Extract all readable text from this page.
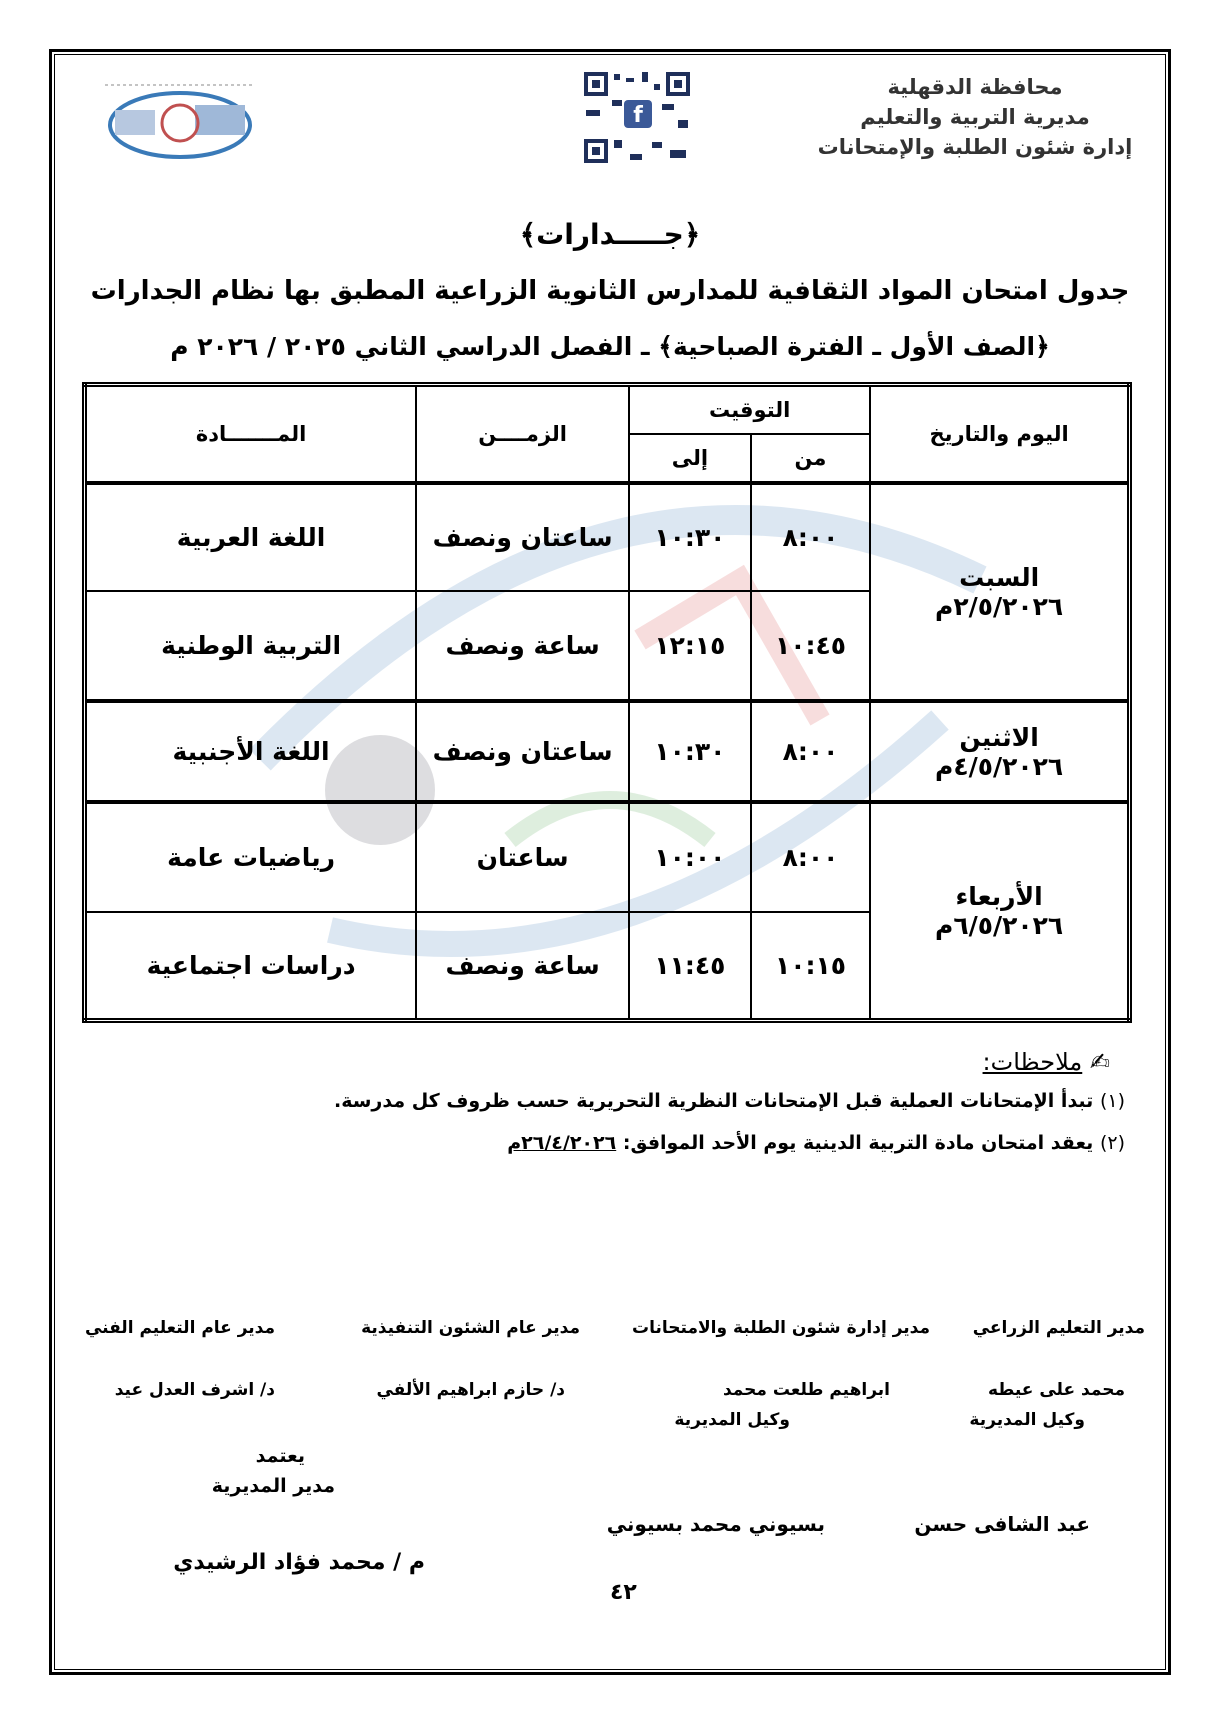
f
محافظة الدقهلية
مديرية التربية والتعليم
إدارة شئون الطلبة والإمتحانات
﴿جـــــدارات﴾
جدول امتحان المواد الثقافية للمدارس الثانوية الزراعية المطبق بها نظام الجدارات
﴿الصف الأول ـ الفترة الصباحية﴾ ـ الفصل الدراسي الثاني ٢٠٢٥ / ٢٠٢٦ م
اليوم والتاريخ	التوقيت		الزمــــن	المـــــــادة
	من	إلى		

السبت
٢/٥/٢٠٢٦م	٨:٠٠	١٠:٣٠	ساعتان ونصف	اللغة العربية
	١٠:٤٥	١٢:١٥	ساعة ونصف	التربية الوطنية

الاثنين
٤/٥/٢٠٢٦م	٨:٠٠	١٠:٣٠	ساعتان ونصف	اللغة الأجنبية

الأربعاء
٦/٥/٢٠٢٦م	٨:٠٠	١٠:٠٠	ساعتان	رياضيات عامة
	١٠:١٥	١١:٤٥	ساعة ونصف	دراسات اجتماعية
✍ ملاحظات:
(١) تبدأ الإمتحانات العملية قبل الإمتحانات النظرية التحريرية حسب ظروف كل مدرسة.
(٢) يعقد امتحان مادة التربية الدينية يوم الأحد الموافق: ٢٦/٤/٢٠٢٦م
مدير التعليم الزراعي
مدير إدارة شئون الطلبة والامتحانات
مدير عام الشئون التنفيذية
مدير عام التعليم الفني
محمد على عيطه
ابراهيم طلعت محمد
د/ حازم ابراهيم الألفي
د/ اشرف العدل عيد
وكيل المديرية
وكيل المديرية
يعتمد
مدير المديرية
عبد الشافى حسن
بسيوني محمد بسيوني
م / محمد فؤاد الرشيدي
٤٢
